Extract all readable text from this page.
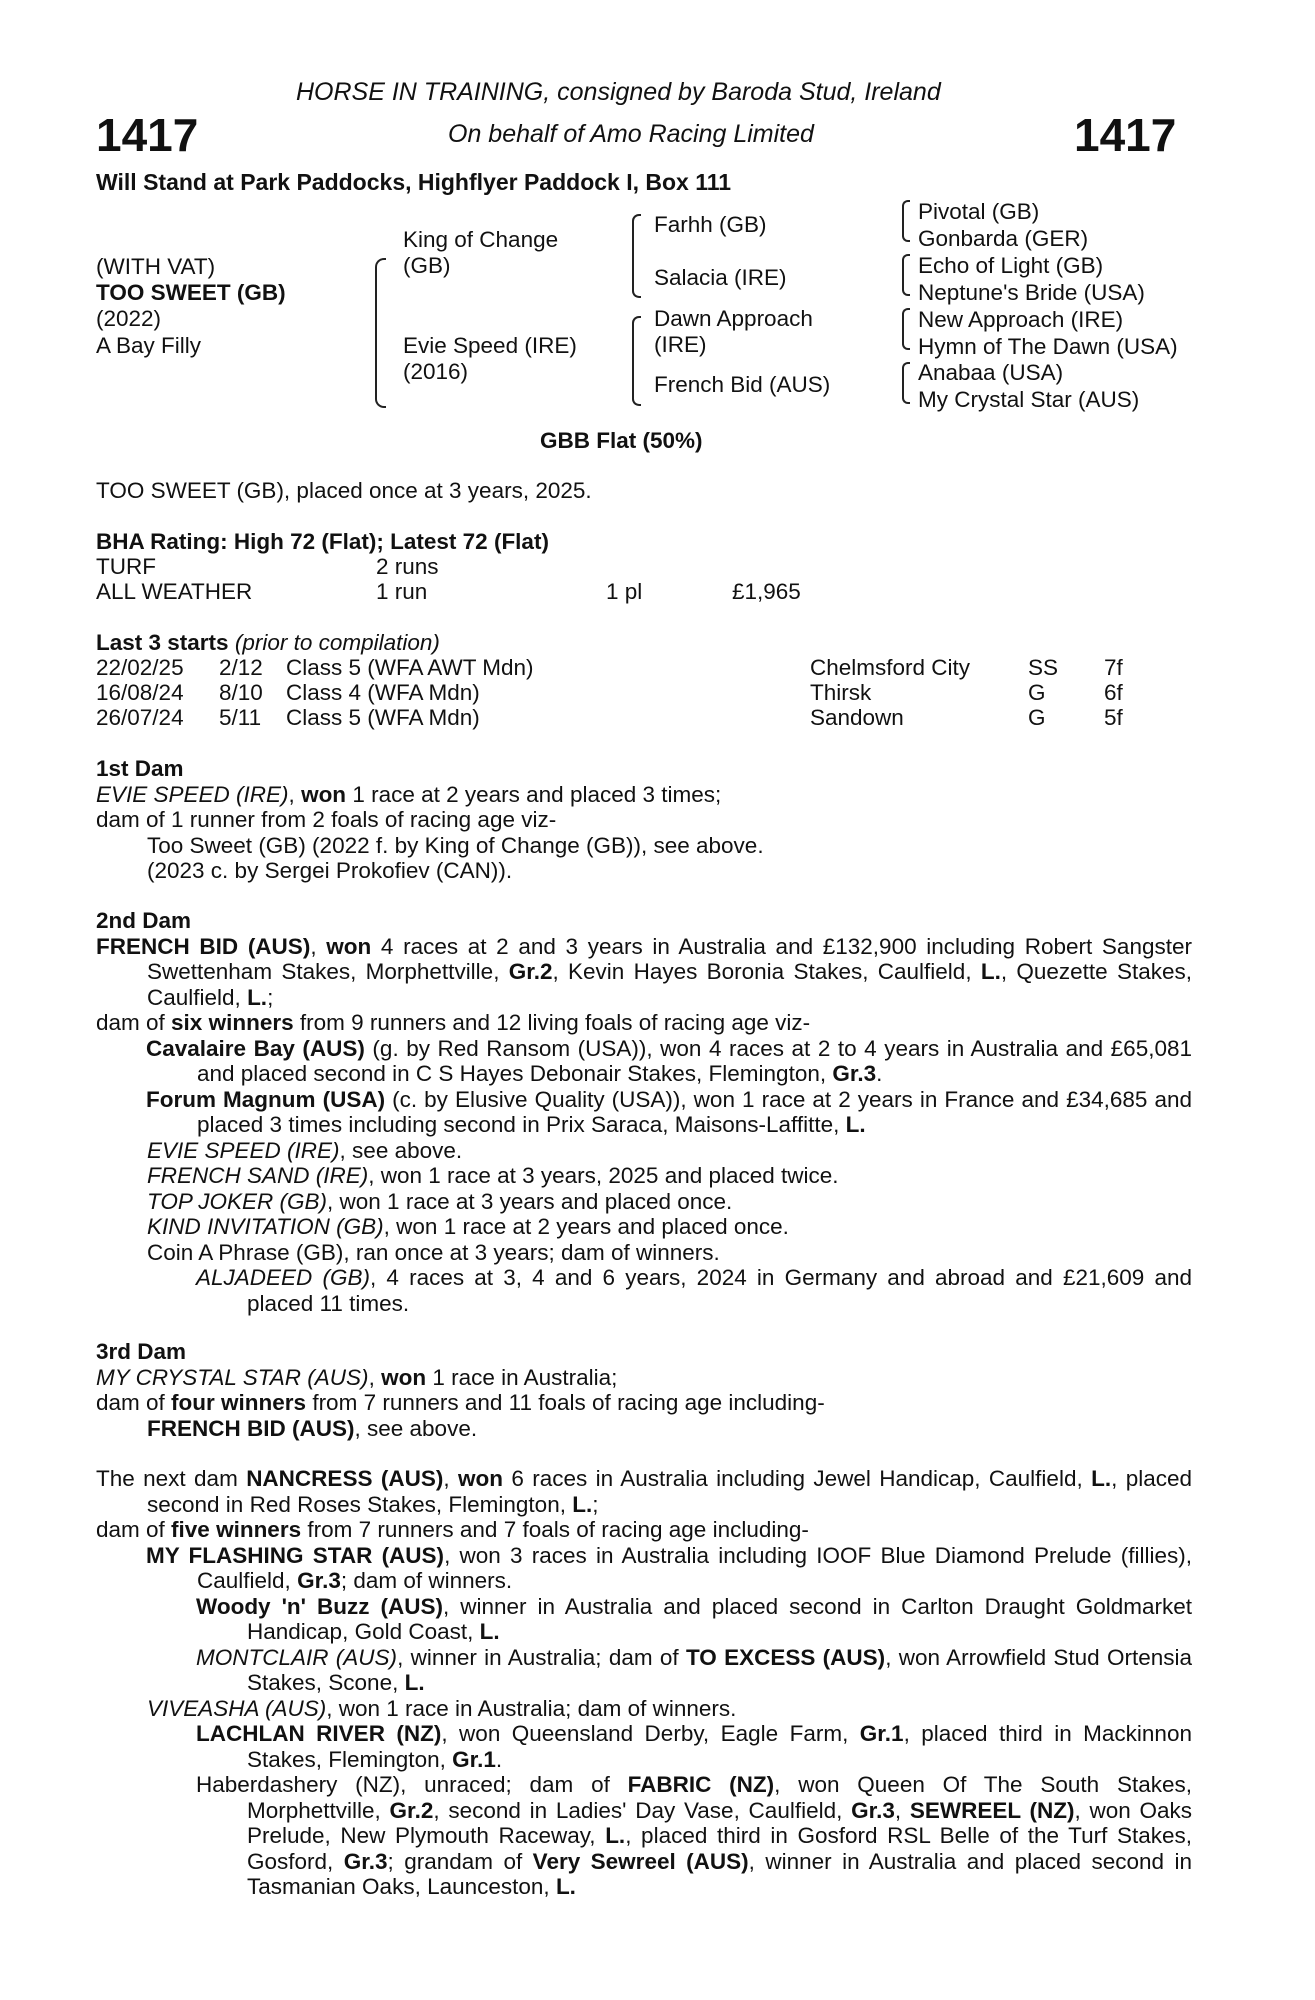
HORSE IN TRAINING, consigned by Baroda Stud, Ireland
1417	On behalf of Amo Racing Limited	1417
Will Stand at Park Paddocks, Highflyer Paddock I, Box 111
(WITH VAT)
TOO SWEET (GB)
(2022)
A Bay Filly
King of Change
(GB)
Evie Speed (IRE)
(2016)
Farhh (GB)
Salacia (IRE)
Dawn Approach
(IRE)
French Bid (AUS)
Pivotal (GB)
Gonbarda (GER)
Echo of Light (GB)
Neptune's Bride (USA)
New Approach (IRE)
Hymn of The Dawn (USA)
Anabaa (USA)
My Crystal Star (AUS)
GBB Flat (50%)
TOO SWEET (GB), placed once at 3 years, 2025.
BHA Rating: High 72 (Flat); Latest 72 (Flat)
TURF	2 runs
ALL WEATHER	1 run	1 pl	£1,965
Last 3 starts (prior to compilation)
22/02/25 2/12 Class 5 (WFA AWT Mdn)	Chelmsford City	SS 7f
16/08/24 8/10 Class 4 (WFA Mdn)	Thirsk	G	6f
26/07/24 5/11 Class 5 (WFA Mdn)	Sandown	G	5f
1st Dam
EVIE SPEED (IRE), won 1 race at 2 years and placed 3 times;
dam of 1 runner from 2 foals of racing age viz-
Too Sweet (GB) (2022 f. by King of Change (GB)), see above.
(2023 c. by Sergei Prokofiev (CAN)).
2nd Dam
FRENCH BID (AUS), won 4 races at 2 and 3 years in Australia and £132,900 including Robert Sangster Swettenham Stakes, Morphettville, Gr.2, Kevin Hayes Boronia Stakes, Caulfield, L., Quezette Stakes, Caulfield, L.;
dam of six winners from 9 runners and 12 living foals of racing age viz-
Cavalaire Bay (AUS) (g. by Red Ransom (USA)), won 4 races at 2 to 4 years in Australia and £65,081 and placed second in C S Hayes Debonair Stakes, Flemington, Gr.3.
Forum Magnum (USA) (c. by Elusive Quality (USA)), won 1 race at 2 years in France and £34,685 and placed 3 times including second in Prix Saraca, Maisons-Laffitte, L.
EVIE SPEED (IRE), see above.
FRENCH SAND (IRE), won 1 race at 3 years, 2025 and placed twice.
TOP JOKER (GB), won 1 race at 3 years and placed once.
KIND INVITATION (GB), won 1 race at 2 years and placed once.
Coin A Phrase (GB), ran once at 3 years; dam of winners.
ALJADEED (GB), 4 races at 3, 4 and 6 years, 2024 in Germany and abroad and £21,609 and placed 11 times.
3rd Dam
MY CRYSTAL STAR (AUS), won 1 race in Australia;
dam of four winners from 7 runners and 11 foals of racing age including-
FRENCH BID (AUS), see above.
The next dam NANCRESS (AUS), won 6 races in Australia including Jewel Handicap, Caulfield, L., placed second in Red Roses Stakes, Flemington, L.;
dam of five winners from 7 runners and 7 foals of racing age including-
MY FLASHING STAR (AUS), won 3 races in Australia including IOOF Blue Diamond Prelude (fillies), Caulfield, Gr.3; dam of winners.
Woody 'n' Buzz (AUS), winner in Australia and placed second in Carlton Draught Goldmarket Handicap, Gold Coast, L.
MONTCLAIR (AUS), winner in Australia; dam of TO EXCESS (AUS), won Arrowfield Stud Ortensia Stakes, Scone, L.
VIVEASHA (AUS), won 1 race in Australia; dam of winners.
LACHLAN RIVER (NZ), won Queensland Derby, Eagle Farm, Gr.1, placed third in Mackinnon Stakes, Flemington, Gr.1.
Haberdashery (NZ), unraced; dam of FABRIC (NZ), won Queen Of The South Stakes, Morphettville, Gr.2, second in Ladies' Day Vase, Caulfield, Gr.3, SEWREEL (NZ), won Oaks Prelude, New Plymouth Raceway, L., placed third in Gosford RSL Belle of the Turf Stakes, Gosford, Gr.3; grandam of Very Sewreel (AUS), winner in Australia and placed second in Tasmanian Oaks, Launceston, L.
